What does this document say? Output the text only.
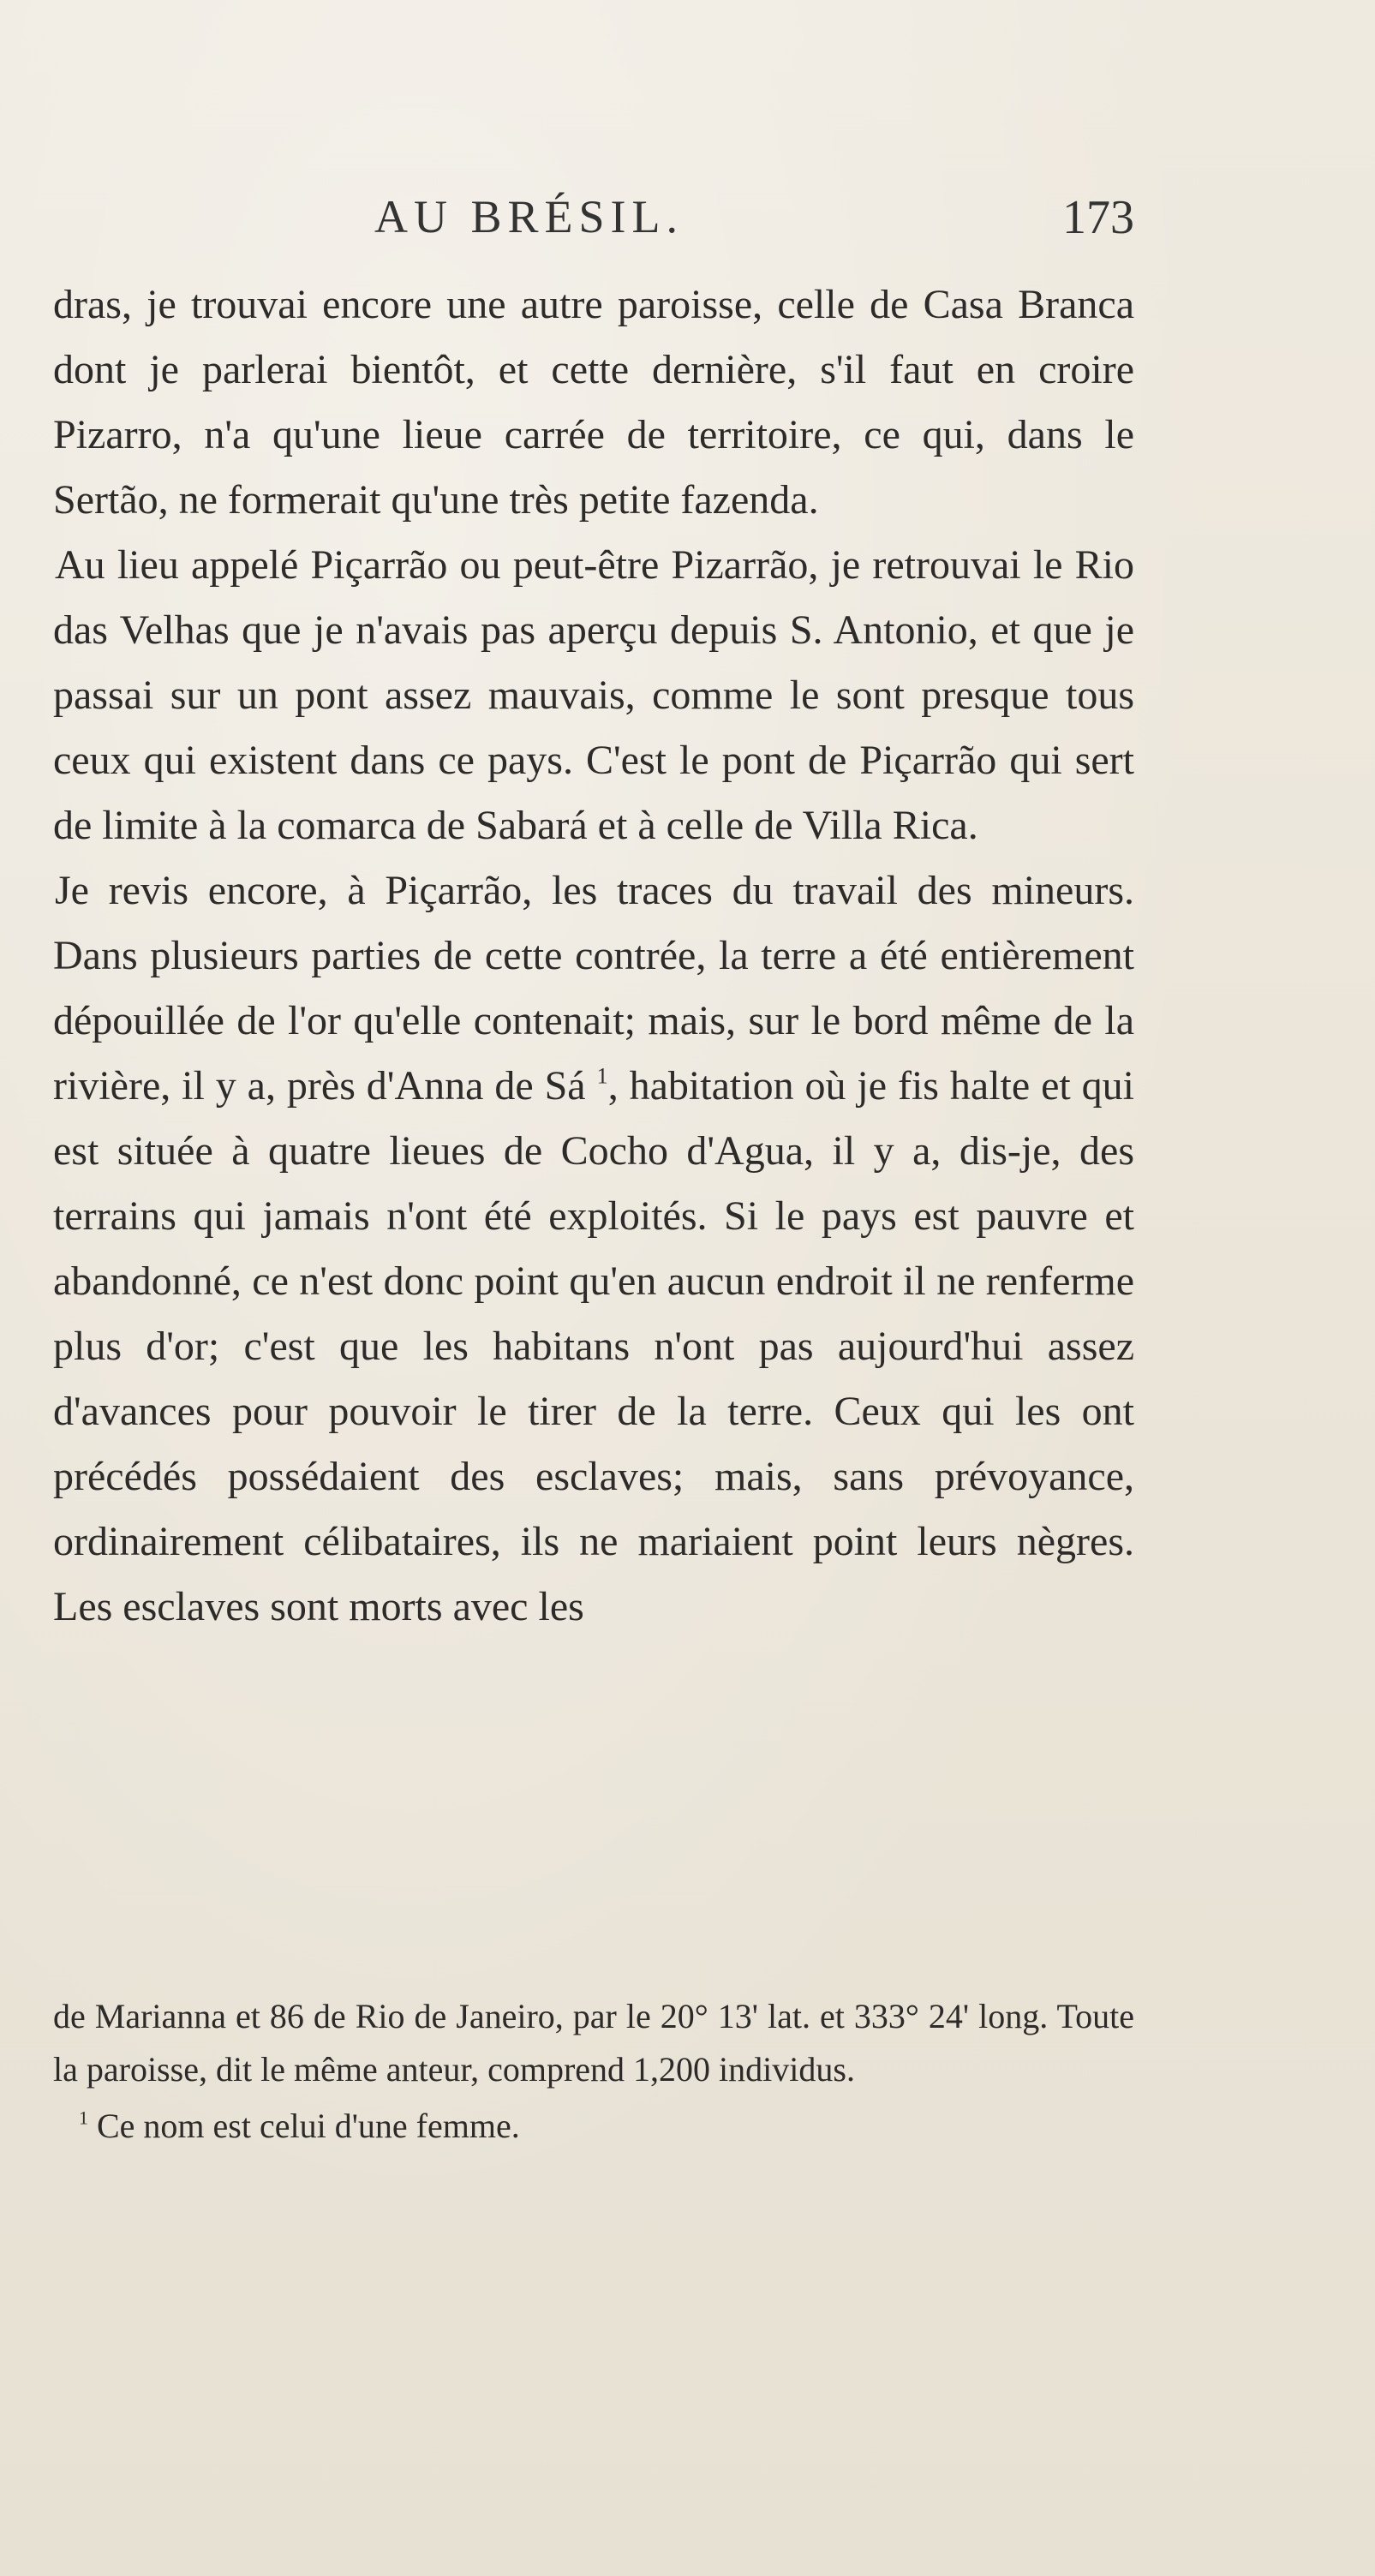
AU BRÉSIL.	173

dras, je trouvai encore une autre paroisse, celle de Casa Branca dont je parlerai bientôt, et cette dernière, s'il faut en croire Pizarro, n'a qu'une lieue carrée de territoire, ce qui, dans le Sertão, ne formerait qu'une très petite fazenda.

Au lieu appelé Piçarrão ou peut-être Pizarrão, je retrouvai le Rio das Velhas que je n'avais pas aperçu depuis S. Antonio, et que je passai sur un pont assez mauvais, comme le sont presque tous ceux qui existent dans ce pays. C'est le pont de Piçarrão qui sert de limite à la comarca de Sabará et à celle de Villa Rica.

Je revis encore, à Piçarrão, les traces du travail des mineurs. Dans plusieurs parties de cette contrée, la terre a été entièrement dépouillée de l'or qu'elle contenait; mais, sur le bord même de la rivière, il y a, près d'Anna de Sá $^1$, habitation où je fis halte et qui est située à quatre lieues de Cocho d'Agua, il y a, dis-je, des terrains qui jamais n'ont été exploités. Si le pays est pauvre et abandonné, ce n'est donc point qu'en aucun endroit il ne renferme plus d'or; c'est que les habitans n'ont pas aujourd'hui assez d'avances pour pouvoir le tirer de la terre. Ceux qui les ont précédés possédaient des esclaves; mais, sans prévoyance, ordinairement célibataires, ils ne mariaient point leurs nègres. Les esclaves sont morts avec les

de Marianna et 86 de Rio de Janeiro, par le 20° 13' lat. et 333° 24' long. Toute la paroisse, dit le même anteur, comprend 1,200 individus.

$^1$ Ce nom est celui d'une femme.
